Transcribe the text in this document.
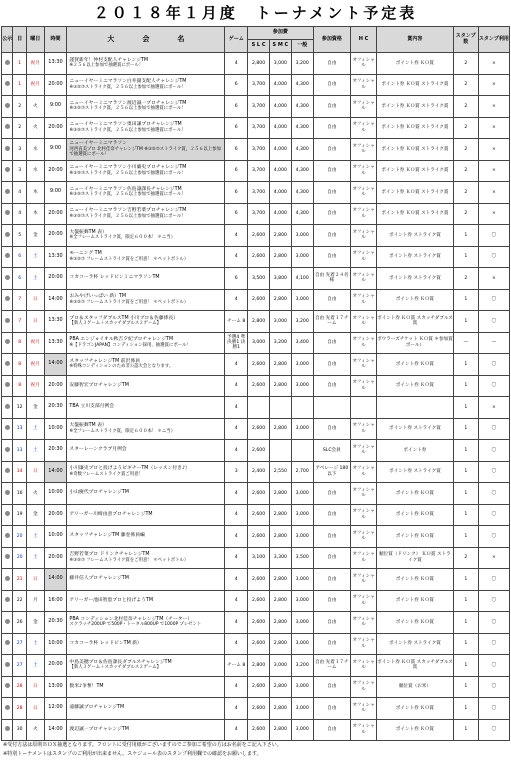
２０１８年１月度　トーナメント予定表
公示	日	曜日	時間	大　　　　会　　　　名	ゲーム	参加費			参加資格	H C	賞内容	スタンプ数	スタンプ利用
						S L C	S M C	一般					
	1	祝月	13:30	謹賀新年！仲村支配人チャレンジTM
※２５６以上参加で抽選賞にポール！	4	2,800	3,000	3,200	自由	オフィシャル	ポイント券 ＫＯ賞	2	×
	1	祝月	20:00	ニューイヤーミニマラソン白井副支配人チャレンジTM
※③⑤⑦ストライク賞，２５６以上参加で抽選賞にポール！	6	3,700	4,000	4,300	自由	オフィシャル	ポイント券 ＫＯ賞 ストライク賞	2	×
	2	火	9:00	ニューイヤーミニマラソン渡辺誠一プロチャレンジTM
※③⑤⑦ストライク賞，２５６以上参加で抽選賞にポール！	6	3,700	4,000	4,300	自由	オフィシャル	ポイント券 ＫＯ賞 ストライク賞	2	×
	2	火	20:00	ニューイヤーミニマラソン奥田謙プロチャレンジTM
※③⑤⑦ストライク賞，２５６以上参加で抽選賞にポール！	6	3,700	4,000	4,300	自由	オフィシャル	ポイント券 ＫＯ賞 ストライク賞	2	×
	3	水	9:00	ニューイヤーミニマラソン
河西直美プロ 北村佳奈チャレンジTM ※③⑤⑦ストライク賞，２５６以上参加で抽選賞にポール！	6	3,700	4,000	4,300	自由	オフィシャル	ポイント券 ＫＯ賞 ストライク賞	2	×
	3	水	20:00	ニューイヤーミニマラソン小川廉史プロチャレンジTM
※③⑤⑦ストライク賞，２５６以上参加で抽選賞にポール！	6	3,700	4,000	4,300	自由	オフィシャル	ポイント券 ＫＯ賞 ストライク賞	2	×
	4	木	9:00	ニューイヤーミニマラソン佐島譲課長チャレンジTM
※③⑤⑦ストライク賞，２５６以上参加で抽選賞にポール！	6	3,700	4,000	4,300	自由	オフィシャル	ポイント券 ＫＯ賞 ストライク賞	2	×
	4	木	20:00	ニューイヤーミニマラソン吉野若菜プロチャレンジTM
※③⑤⑦ストライク賞，２５６以上参加で抽選賞にポール！	6	3,700	4,000	4,300	自由	オフィシャル	ポイント券 ＫＯ賞 ストライク賞	2	×
	5	金	20:00	大盤振舞TM 表）
※全フレームストライク賞，限定６００本！ ＊ニ当）	4	2,600	2,800	3,000	自由	オフィシャル	ポイント券 ストライク賞	1	〇
	6	土	13:30	モーニング TM
※③⑤⑦ フレームストライク賞をご用意！ ＊ペットボトル）	4	2,600	2,800	3,000	自由	オフィシャル	ポイント券 ストライク賞	1	〇
	6	土	20:00	コカコーラ杯 レッドピンミニマラソンTM	6	3,500	3,800	4,100	自由 先着２４名様	オフィシャル	ポイント券 ストライク賞	2	×
	7	日	14:00	おみやげいっぱい 新）TM
※③⑤⑦ フレームストライク賞をご用意！ ＊ペットボトル）	4	2,600	2,800	3,000	自由	オフィシャル	ポイント券 ＫＯ賞	1	〇
	7	日	13:30	プロ＆スタッフダブルスTM 小川プロ＆佐藤係長）
【新人３ゲーム＋スカッチダブルス２ゲーム】	チーム 8	2,800	3,000	3,200	自由 先着１７チーム	オフィシャル	ポイント券 ＫＯ賞 スカッチダブルス賞	1	〇
	8	祝月	13:30	PBA エンジョイオル秋吉夕紀プロチャレンジTM
※【ドラゴンJAPAN】コンディション採用，抽選賞にポール！	予選4 準決勝1 決勝1	3,000	3,200	3,400	自由	オフィシャル	ボウラーズチケット ＫＯ賞 ＊参加賞ポール）	—	—
	8	祝月	14:00	スタッフチャレンジTM 前沢係員
※特殊コンディションのため非公認大会となります。	4	2,600	2,800	3,000	自由	オフィシャル	ポイント券 ＫＯ賞	1	〇
	8	祝月	20:00	安藤智宏プロチャレンジTM	4	2,600	2,800	3,000	自由	オフィシャル	ポイント券 ＫＯ賞	1	〇
	12	金	20:30	TBA 立川支部月例会	4							1	×
	13	土	10:00	大盤振舞TM 表）
※全フレームストライク賞，限定６００本！ ＊ニ当）	4	2,600	2,800	3,000	自由	オフィシャル	ポイント券 ストライク賞	1	〇
	13	土	20:30	スターレーンクラブ月例会	4	2,600			SLC会員	オフィシャル	ポイント券	1	〇
	14	日	14:00	小川廉史プロと投げようビギナーTM（レッスン付き♪）
※奇数フレームストライク賞ご用意！	3	2,400	2,550	2,700	アベレージ 180以下	オフィシャル	ポイント券 ストライク賞	1	〇
	16	火	10:00	小山慶代プロチャレンジTM	4	2,600	2,800	3,000	自由	オフィシャル	ポイント券 ＫＯ賞	1	〇
	19	金	20:00	アリーガー川崎由意プロチャレンジTM	4	2,600	2,800	3,000	自由	オフィシャル	ポイント券 ＫＯ賞	1	〇
	20	土	10:00	スタッフチャレンジTM 藤巻係員編	4	2,600	2,800	3,000	自由	オフィシャル	ポイント券 ＫＯ賞	1	〇
	20	土	20:00	吉野若菜プロ ドリンクチャレンジTM
※③⑤⑦ フレームストライク賞をご用意！ ＊ペットボトル）	4	3,100	3,300	3,500	自由	オフィシャル	順位賞（ドリンク） ＫＯ賞 ストライク賞	2	×
	21	日	14:00	藤井信人プロチャレンジTM	4	2,600	2,800	3,000	自由	オフィシャル	ポイント券 ＫＯ賞	1	〇
	22	月	16:00	アリーガー池田智恵プロと投げようTM	4	2,600	2,800	3,000	自由	オフィシャル	ポイント券 ＫＯ賞	1	〇
	26	金	20:30	PBA コンディション北村佳奈チャレンジTM（チーター）
スクラッチ200UP で500P・トータル800UP で1000P プレゼント	4	2,600	2,800	3,000	自由	オフィシャル	ポイント券 ＫＯ賞	1	〇
	27	土	10:00	コカコーラ杯 レッドピンTM 新）	4	2,600	2,800	3,000	自由	オフィシャル	ポイント券 ストライク賞	1	〇
	27	土	20:00	中島美穂プロ＆佐島課長ダブルスチャレンジTM
【新人３ゲーム＋スカッチダブルス２ゲーム】	チーム 8	2,800	3,000	3,200	自由 先着１７チーム	オフィシャル	ポイント券 ＫＯ賞 スカッチダブルス賞	1	〇
	28	日	13:00	数米♪争奪！TM	4	2,600	2,800	3,000	自由	オフィシャル	順位賞（お米）	1	〇
	28	日	12:00	遠藤誠プロチャレンジTM	4	2,600	2,800	3,000	自由	オフィシャル	ポイント券 ＫＯ賞	1	〇
	30	火	14:00	渡辺誠一プロチャレンジTM	4	2,600	2,800	3,000	自由	オフィシャル	ポイント券 ＫＯ賞	1	〇
※受付方法は原則ＢＯＸ抽選となります。フロントに受付用紙がございますのでご参加ご希望の方はお名前をご記入下さい。
※特別トーナメントはスタンプのご利用が出来ません。スケジュール表のスタンプ利用欄での確認をお願いします。
